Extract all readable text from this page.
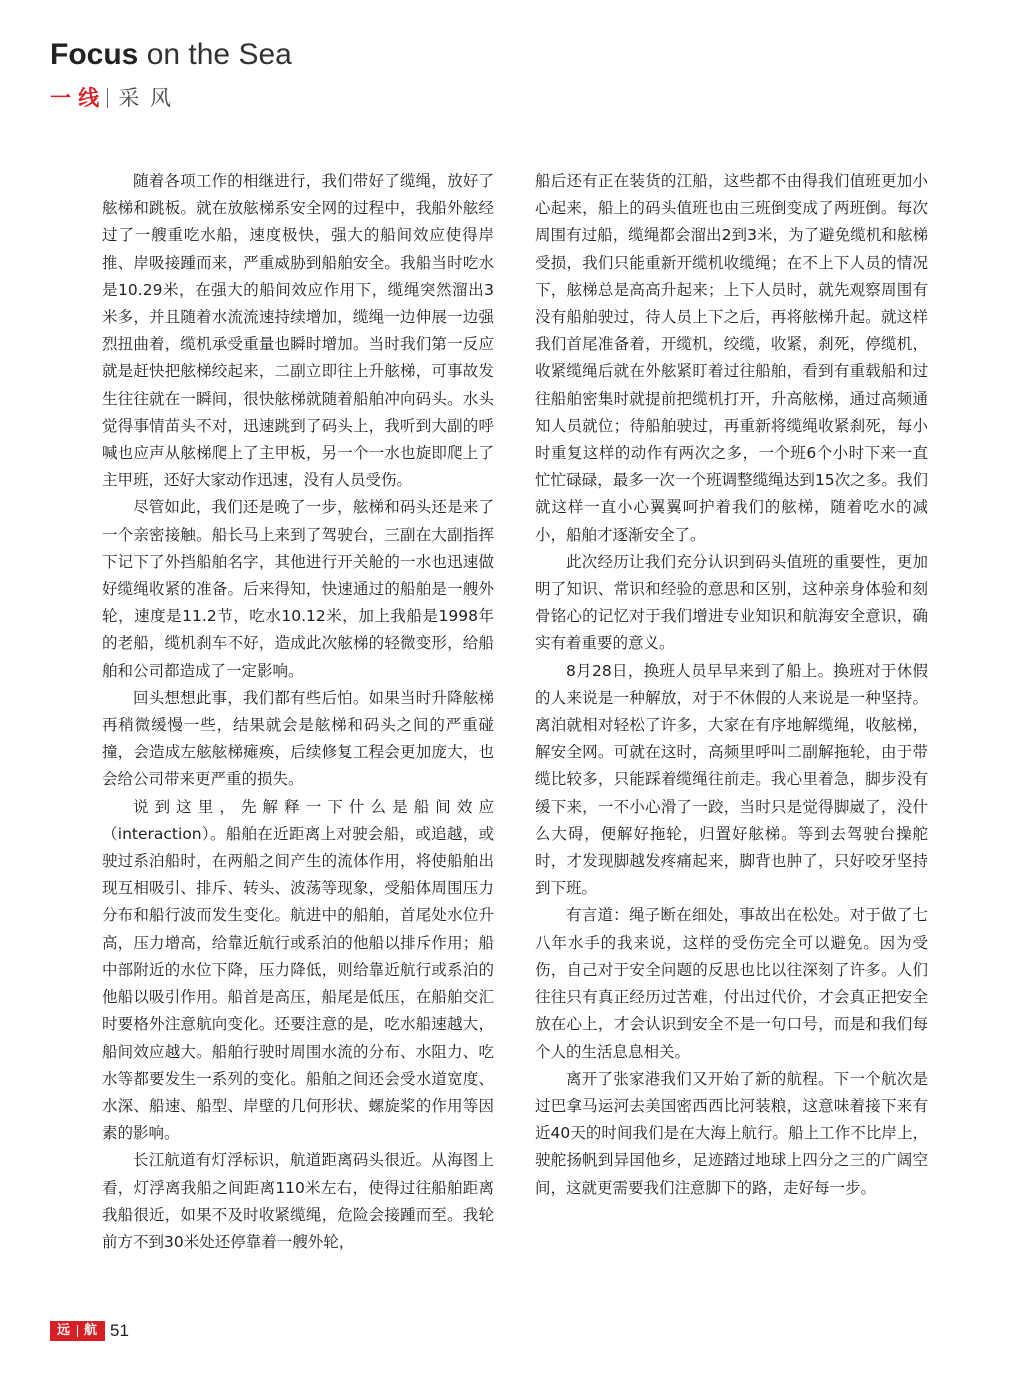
Focus on the Sea
一 线 采 风

随着各项工作的相继进行，我们带好了缆绳，放好了舷梯和跳板。就在放舷梯系安全网的过程中，我船外舷经过了一艘重吃水船，速度极快，强大的船间效应使得岸推、岸吸接踵而来，严重威胁到船舶安全。我船当时吃水是10.29米，在强大的船间效应作用下，缆绳突然溜出3米多，并且随着水流流速持续增加，缆绳一边伸展一边强烈扭曲着，缆机承受重量也瞬时增加。当时我们第一反应就是赶快把舷梯绞起来，二副立即往上升舷梯，可事故发生往往就在一瞬间，很快舷梯就随着船舶冲向码头。水头觉得事情苗头不对，迅速跳到了码头上，我听到大副的呼喊也应声从舷梯爬上了主甲板，另一个一水也旋即爬上了主甲班，还好大家动作迅速，没有人员受伤。

尽管如此，我们还是晚了一步，舷梯和码头还是来了一个亲密接触。船长马上来到了驾驶台，三副在大副指挥下记下了外挡船舶名字，其他进行开关舱的一水也迅速做好缆绳收紧的准备。后来得知，快速通过的船舶是一艘外轮，速度是11.2节，吃水10.12米，加上我船是1998年的老船，缆机刹车不好，造成此次舷梯的轻微变形，给船舶和公司都造成了一定影响。

回头想想此事，我们都有些后怕。如果当时升降舷梯再稍微缓慢一些，结果就会是舷梯和码头之间的严重碰撞，会造成左舷舷梯瘫痪，后续修复工程会更加庞大，也会给公司带来更严重的损失。

说到这里，先解释一下什么是船间效应（interaction）。船舶在近距离上对驶会船，或追越，或驶过系泊船时，在两船之间产生的流体作用，将使船舶出现互相吸引、排斥、转头、波荡等现象，受船体周围压力分布和船行波而发生变化。航进中的船舶，首尾处水位升高，压力增高，给靠近航行或系泊的他船以排斥作用；船中部附近的水位下降，压力降低，则给靠近航行或系泊的他船以吸引作用。船首是高压，船尾是低压，在船舶交汇时要格外注意航向变化。还要注意的是，吃水船速越大，船间效应越大。船舶行驶时周围水流的分布、水阻力、吃水等都要发生一系列的变化。船舶之间还会受水道宽度、水深、船速、船型、岸壁的几何形状、螺旋桨的作用等因素的影响。

长江航道有灯浮标识，航道距离码头很近。从海图上看，灯浮离我船之间距离110米左右，使得过往船舶距离我船很近，如果不及时收紧缆绳，危险会接踵而至。我轮前方不到30米处还停靠着一艘外轮，

船后还有正在装货的江船，这些都不由得我们值班更加小心起来，船上的码头值班也由三班倒变成了两班倒。每次周围有过船，缆绳都会溜出2到3米，为了避免缆机和舷梯受损，我们只能重新开缆机收缆绳；在不上下人员的情况下，舷梯总是高高升起来；上下人员时，就先观察周围有没有船舶驶过，待人员上下之后，再将舷梯升起。就这样我们首尾准备着，开缆机，绞缆，收紧，刹死，停缆机，收紧缆绳后就在外舷紧盯着过往船舶，看到有重载船和过往船舶密集时就提前把缆机打开，升高舷梯，通过高频通知人员就位；待船舶驶过，再重新将缆绳收紧刹死，每小时重复这样的动作有两次之多，一个班6个小时下来一直忙忙碌碌，最多一次一个班调整缆绳达到15次之多。我们就这样一直小心翼翼呵护着我们的舷梯，随着吃水的减小，船舶才逐渐安全了。

此次经历让我们充分认识到码头值班的重要性，更加明了知识、常识和经验的意思和区别，这种亲身体验和刻骨铭心的记忆对于我们增进专业知识和航海安全意识，确实有着重要的意义。

8月28日，换班人员早早来到了船上。换班对于休假的人来说是一种解放，对于不休假的人来说是一种坚持。离泊就相对轻松了许多，大家在有序地解缆绳，收舷梯，解安全网。可就在这时，高频里呼叫二副解拖轮，由于带缆比较多，只能踩着缆绳往前走。我心里着急，脚步没有缓下来，一不小心滑了一跤，当时只是觉得脚崴了，没什么大碍，便解好拖轮，归置好舷梯。等到去驾驶台操舵时，才发现脚越发疼痛起来，脚背也肿了，只好咬牙坚持到下班。

有言道：绳子断在细处，事故出在松处。对于做了七八年水手的我来说，这样的受伤完全可以避免。因为受伤，自己对于安全问题的反思也比以往深刻了许多。人们往往只有真正经历过苦难，付出过代价，才会真正把安全放在心上，才会认识到安全不是一句口号，而是和我们每个人的生活息息相关。

离开了张家港我们又开始了新的航程。下一个航次是过巴拿马运河去美国密西西比河装粮，这意味着接下来有近40天的时间我们是在大海上航行。船上工作不比岸上，驶舵扬帆到异国他乡，足迹踏过地球上四分之三的广阔空间，这就更需要我们注意脚下的路，走好每一步。

远 航 51
